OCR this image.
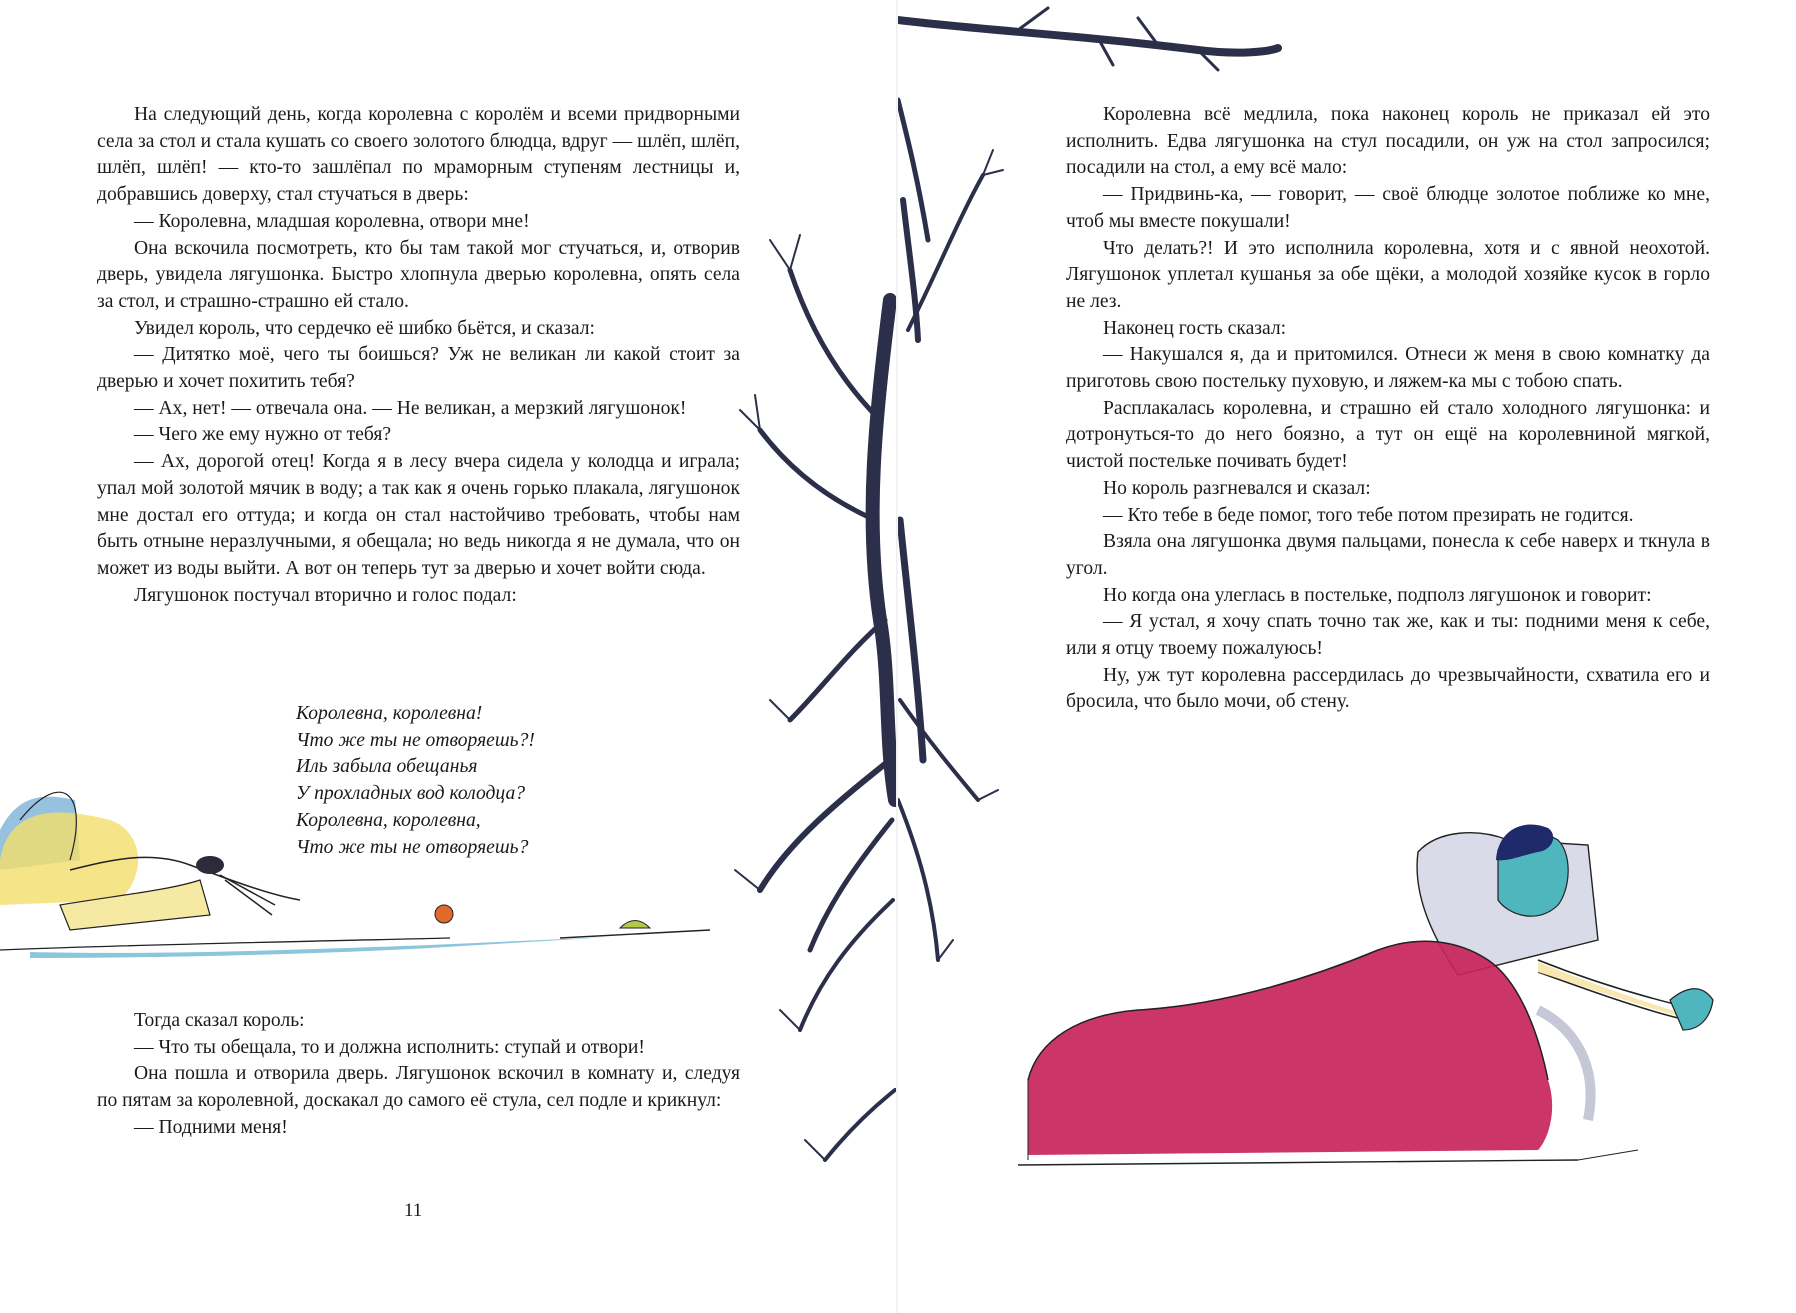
На следующий день, когда королевна с королём и всеми придворными села за стол и стала кушать со своего золотого блюдца, вдруг — шлёп, шлёп, шлёп, шлёп! — кто-то зашлёпал по мраморным ступеням лестницы и, добравшись доверху, стал стучаться в дверь:

— Королевна, младшая королевна, отвори мне!

Она вскочила посмотреть, кто бы там такой мог стучаться, и, отворив дверь, увидела лягушонка. Быстро хлопнула дверью королевна, опять села за стол, и страшно-страшно ей стало.

Увидел король, что сердечко её шибко бьётся, и сказал:

— Дитятко моё, чего ты боишься? Уж не великан ли какой стоит за дверью и хочет похитить тебя?

— Ах, нет! — отвечала она. — Не великан, а мерзкий лягушонок!

— Чего же ему нужно от тебя?

— Ах, дорогой отец! Когда я в лесу вчера сидела у колодца и играла; упал мой золотой мячик в воду; а так как я очень горько плакала, лягушонок мне достал его оттуда; и когда он стал настойчиво требовать, чтобы нам быть отныне неразлучными, я обещала; но ведь никогда я не думала, что он может из воды выйти. А вот он теперь тут за дверью и хочет войти сюда.

Лягушонок постучал вторично и голос подал:

Королевна, королевна!
Что же ты не отворяешь?!
Иль забыла обещанья
У прохладных вод колодца?
Королевна, королевна,
Что же ты не отворяешь?

Тогда сказал король:

— Что ты обещала, то и должна исполнить: ступай и отвори!

Она пошла и отворила дверь. Лягушонок вскочил в комнату и, следуя по пятам за королевной, доскакал до самого её стула, сел подле и крикнул:

— Подними меня!

11

Королевна всё медлила, пока наконец король не приказал ей это исполнить. Едва лягушонка на стул посадили, он уж на стол запросился; посадили на стол, а ему всё мало:

— Придвинь-ка, — говорит, — своё блюдце золотое поближе ко мне, чтоб мы вместе покушали!

Что делать?! И это исполнила королевна, хотя и с явной неохотой. Лягушонок уплетал кушанья за обе щёки, а молодой хозяйке кусок в горло не лез.

Наконец гость сказал:

— Накушался я, да и притомился. Отнеси ж меня в свою комнатку да приготовь свою постельку пуховую, и ляжем-ка мы с тобою спать.

Расплакалась королевна, и страшно ей стало холодного лягушонка: и дотронуться-то до него боязно, а тут он ещё на королевниной мягкой, чистой постельке почивать будет!

Но король разгневался и сказал:

— Кто тебе в беде помог, того тебе потом презирать не годится.

Взяла она лягушонка двумя пальцами, понесла к себе наверх и ткнула в угол.

Но когда она улеглась в постельке, подполз лягушонок и говорит:

— Я устал, я хочу спать точно так же, как и ты: подними меня к себе, или я отцу твоему пожалуюсь!

Ну, уж тут королевна рассердилась до чрезвычайности, схватила его и бросила, что было мочи, об стену.
